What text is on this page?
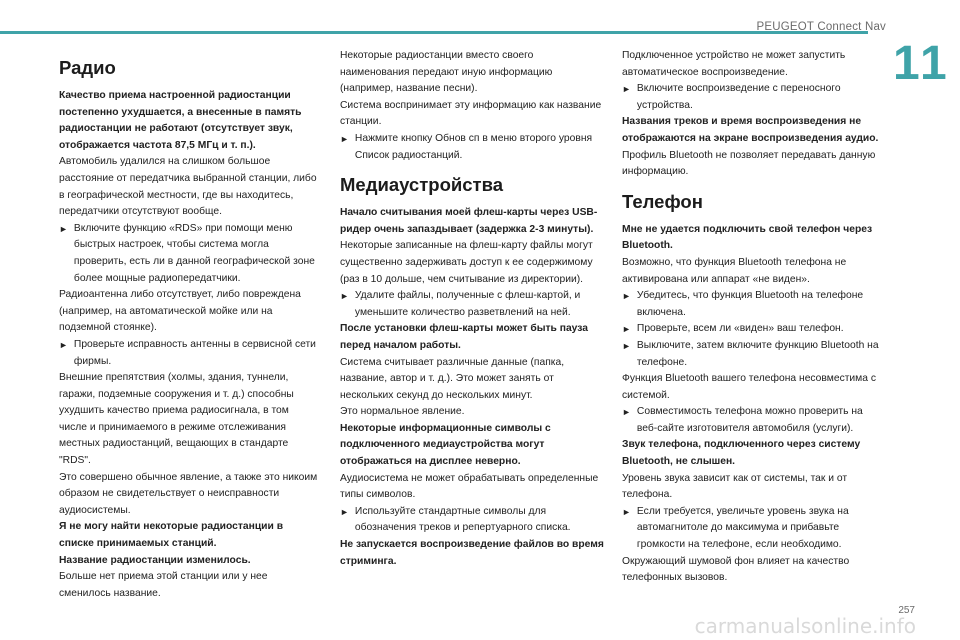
PEUGEOT Connect Nav
11
Радио

Качество приема настроенной радиостанции постепенно ухудшается, а внесенные в память радиостанции не работают (отсутствует звук, отображается частота 87,5 МГц и т. п.).

Автомобиль удалился на слишком большое расстояние от передатчика выбранной станции, либо в географической местности, где вы находитесь, передатчики отсутствуют вообще.

► Включите функцию «RDS» при помощи меню быстрых настроек, чтобы система могла проверить, есть ли в данной географической зоне более мощные радиопередатчики.

Радиоантенна либо отсутствует, либо повреждена (например, на автоматической мойке или на подземной стоянке).

► Проверьте исправность антенны в сервисной сети фирмы.

Внешние препятствия (холмы, здания, туннели, гаражи, подземные сооружения и т. д.) способны ухудшить качество приема радиосигнала, в том числе и принимаемого в режиме отслеживания местных радиостанций, вещающих в стандарте "RDS".

Это совершено обычное явление, а также это никоим образом не свидетельствует о неисправности аудиосистемы.

Я не могу найти некоторые радиостанции в списке принимаемых станций.

Название радиостанции изменилось.

Больше нет приема этой станции или у нее сменилось название.

Некоторые радиостанции вместо своего наименования передают иную информацию (например, название песни).

Система воспринимает эту информацию как название станции.

► Нажмите кнопку Обнов сп в меню второго уровня Список радиостанций.

Медиаустройства

Начало считывания моей флеш-карты через USB-ридер очень запаздывает (задержка 2-3 минуты).

Некоторые записанные на флеш-карту файлы могут существенно задерживать доступ к ее содержимому (раз в 10 дольше, чем считывание из директории).

► Удалите файлы, полученные с флеш-картой, и уменьшите количество разветвлений на ней.

После установки флеш-карты может быть пауза перед началом работы.

Система считывает различные данные (папка, название, автор и т. д.). Это может занять от нескольких секунд до нескольких минут.

Это нормальное явление.

Некоторые информационные символы с подключенного медиаустройства могут отображаться на дисплее неверно.

Аудиосистема не может обрабатывать определенные типы символов.

► Используйте стандартные символы для обозначения треков и репертуарного списка.

Не запускается воспроизведение файлов во время стриминга.

Подключенное устройство не может запустить автоматическое воспроизведение.

► Включите воспроизведение с переносного устройства.

Названия треков и время воспроизведения не отображаются на экране воспроизведения аудио.

Профиль Bluetooth не позволяет передавать данную информацию.

Телефон

Мне не удается подключить свой телефон через Bluetooth.

Возможно, что функция Bluetooth телефона не активирована или аппарат «не виден».

► Убедитесь, что функция Bluetooth на телефоне включена.

► Проверьте, всем ли «виден» ваш телефон.

► Выключите, затем включите функцию Bluetooth на телефоне.

Функция Bluetooth вашего телефона несовместима с системой.

► Совместимость телефона можно проверить на веб-сайте изготовителя автомобиля (услуги).

Звук телефона, подключенного через систему Bluetooth, не слышен.

Уровень звука зависит как от системы, так и от телефона.

► Если требуется, увеличьте уровень звука на автомагнитоле до максимума и прибавьте громкости на телефоне, если необходимо.

Окружающий шумовой фон влияет на качество телефонных вызовов.

257
carmanualsonline.info
